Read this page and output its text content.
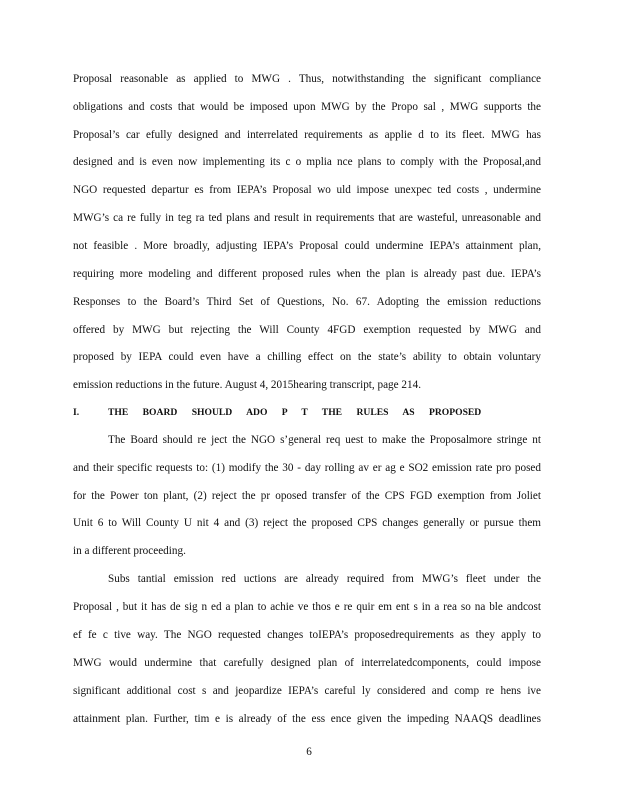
Proposal reasonable as applied to MWG . Thus, notwithstanding the significant compliance
obligations and costs that would be imposed upon MWG by the Propo sal , MWG supports the
Proposal’s car efully designed and interrelated requirements as applie d to its fleet. MWG has
designed and is even now implementing its c o mplia nce plans to comply with the Proposal,and
NGO requested departur es from IEPA’s Proposal wo uld impose unexpec ted costs , undermine
MWG’s ca re fully in teg ra ted plans and result in requirements that are wasteful, unreasonable and
not feasible . More broadly, adjusting IEPA’s Proposal could undermine IEPA’s attainment plan,
requiring more modeling and different proposed rules when the plan is already past due. IEPA’s
Responses to the Board’s Third Set of Questions, No. 67. Adopting the emission reductions
offered by MWG but rejecting the Will County 4FGD exemption requested by MWG and
proposed by IEPA could even have a chilling effect on the state’s ability to obtain voluntary
emission reductions in the future. August 4, 2015hearing transcript, page 214.
I.	THE BOARD SHOULD ADO P T THE RULES AS PROPOSED
The Board should re ject the NGO s’general req uest to make the Proposalmore stringe nt
and their specific requests to: (1) modify the 30 - day rolling av er ag e SO2 emission rate pro posed
for the Power ton plant, (2) reject the pr oposed transfer of the CPS FGD exemption from Joliet
Unit 6 to Will County U nit 4 and (3) reject the proposed CPS changes generally or pursue them
in a different proceeding.
Subs tantial emission red uctions are already required from MWG’s fleet under the
Proposal , but it has de sig n ed a plan to achie ve thos e re quir em ent s in a rea so na ble andcost
ef fe c tive way. The NGO requested changes toIEPA’s proposedrequirements as they apply to
MWG would undermine that carefully designed plan of interrelatedcomponents, could impose
significant additional cost s and jeopardize IEPA’s careful ly considered and comp re hens ive
attainment plan. Further, tim e is already of the ess ence given the impeding NAAQS deadlines
6
